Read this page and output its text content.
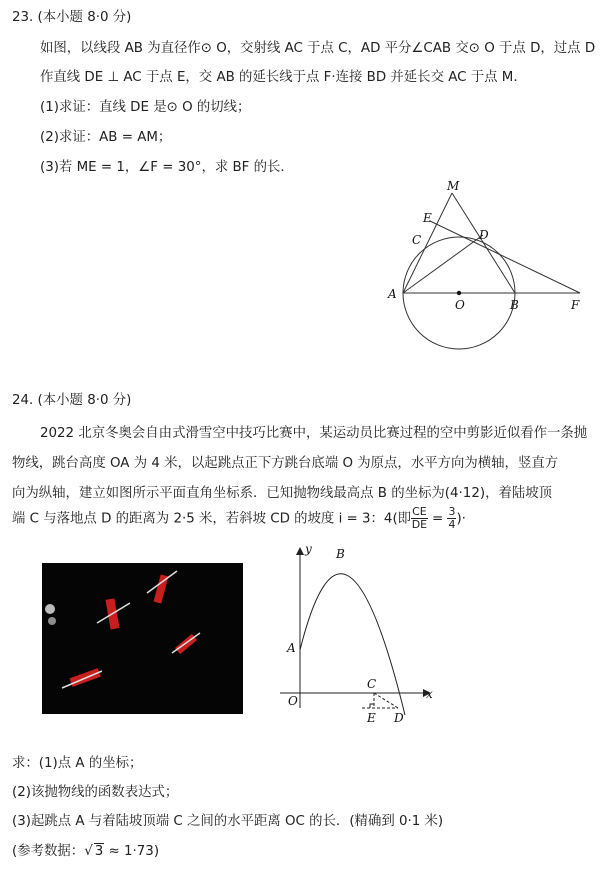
23. (本小题 8·0 分)
如图，以线段 AB 为直径作⊙ O，交射线 AC 于点 C，AD 平分∠CAB 交⊙ O 于点 D，过点 D
作直线 DE ⊥ AC 于点 E，交 AB 的延长线于点 F·连接 BD 并延长交 AC 于点 M.
(1)求证：直线 DE 是⊙ O 的切线；
(2)求证：AB = AM；
(3)若 ME = 1，∠F = 30°，求 BF 的长.
M
E
C	D
A
O	B	F
24. (本小题 8·0 分)
2022 北京冬奥会自由式滑雪空中技巧比赛中，某运动员比赛过程的空中剪影近似看作一条抛
物线，跳台高度 OA 为 4 米，以起跳点正下方跳台底端 O 为原点，水平方向为横轴，竖直方
向为纵轴，建立如图所示平面直角坐标系．已知抛物线最高点 B 的坐标为(4·12)，着陆坡顶
端 C 与落地点 D 的距离为 2·5 米，若斜坡 CD 的坡度 i = 3：4(即 $\frac{CE}{DE} = \frac{3}{4}$ )·
y B
A
O
C
x
E D
求：(1)点 A 的坐标；
(2)该抛物线的函数表达式；
(3)起跳点 A 与着陆坡顶端 C 之间的水平距离 OC 的长．(精确到 0·1 米)
(参考数据：√ 3 ≈ 1·73)
